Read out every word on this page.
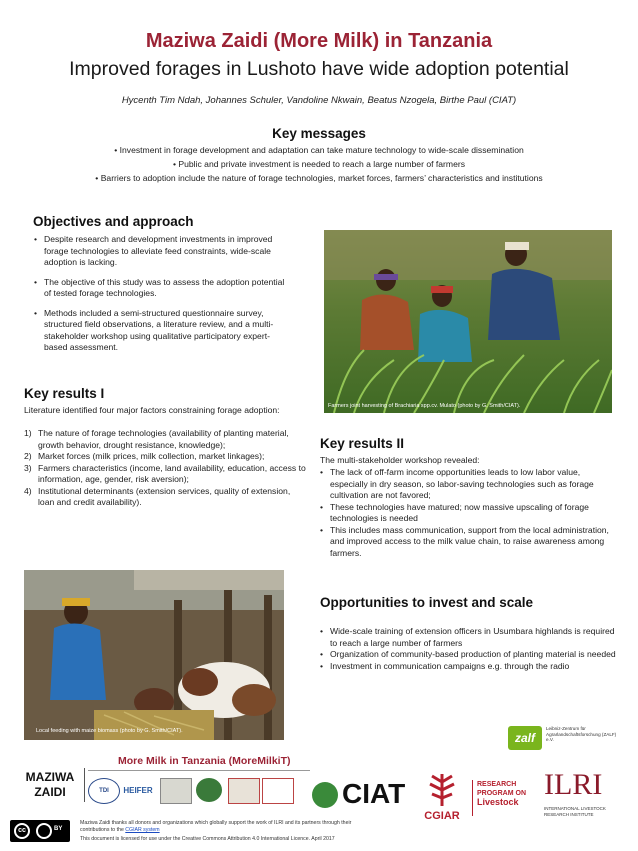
Maziwa Zaidi (More Milk) in Tanzania
Improved forages in Lushoto have wide adoption potential
Hycenth Tim Ndah, Johannes Schuler, Vandoline Nkwain, Beatus Nzogela, Birthe Paul (CIAT)
Key messages
• Investment in forage development and adaptation can take mature technology to wide-scale dissemination
• Public and private investment is needed to reach a large number of farmers
• Barriers to adoption include the nature of forage technologies, market forces, farmers’ characteristics and institutions
Objectives and approach
• Despite research and development investments in improved forage technologies to alleviate feed constraints, wide-scale adoption is lacking.
• The objective of this study was to assess the adoption potential of tested forage technologies.
• Methods included a semi-structured questionnaire survey, structured field observations, a literature review, and a multi-stakeholder workshop using qualitative participatory expert-based assessment.
Farmers joint harvesting of Brachiaria spp.cv. Mulato (photo by G. Smith/CIAT).
Key results I
Literature identified four major factors constraining forage adoption:
1) The nature of forage technologies (availability of planting material, growth behavior, drought resistance, knowledge);
2) Market forces (milk prices, milk collection, market linkages);
3) Farmers characteristics (income, land availability, education, access to information, age, gender, risk aversion);
4) Institutional determinants (extension services, quality of extension, loan and credit availability).
Local feeding with maize biomass (photo by G. Smith/CIAT).
Key results II
The multi-stakeholder workshop revealed:
• The lack of off-farm income opportunities leads to low labor value, especially in dry season, so labor-saving technologies such as forage cultivation are not favored;
• These technologies have matured; now massive upscaling of forage technologies is needed
• This includes mass communication, support from the local administration, and improved access to the milk value chain, to raise awareness among farmers.
Opportunities to invest and scale
• Wide-scale training of extension officers in Usumbara highlands is required to reach a large number of farmers
• Organization of community-based production of planting material is needed
• Investment in communication campaigns e.g. through the radio
zalf
Leibniz-Zentrum für Agrarlandschaftsforschung (ZALF) e.V.
More Milk in Tanzania (MoreMilkiT)
MAZIWA
ZAIDI	TDI	HEIFER	CIAT
CGIAR
RESEARCH
PROGRAM ON
Livestock
ILRI
INTERNATIONAL LIVESTOCK RESEARCH INSTITUTE
cc	BY
Maziwa Zaidi thanks all donors and organizations which globally support the work of ILRI and its partners through their contributions to the CGIAR system
This document is licensed for use under the Creative Commons Attribution 4.0 International Licence. April 2017
